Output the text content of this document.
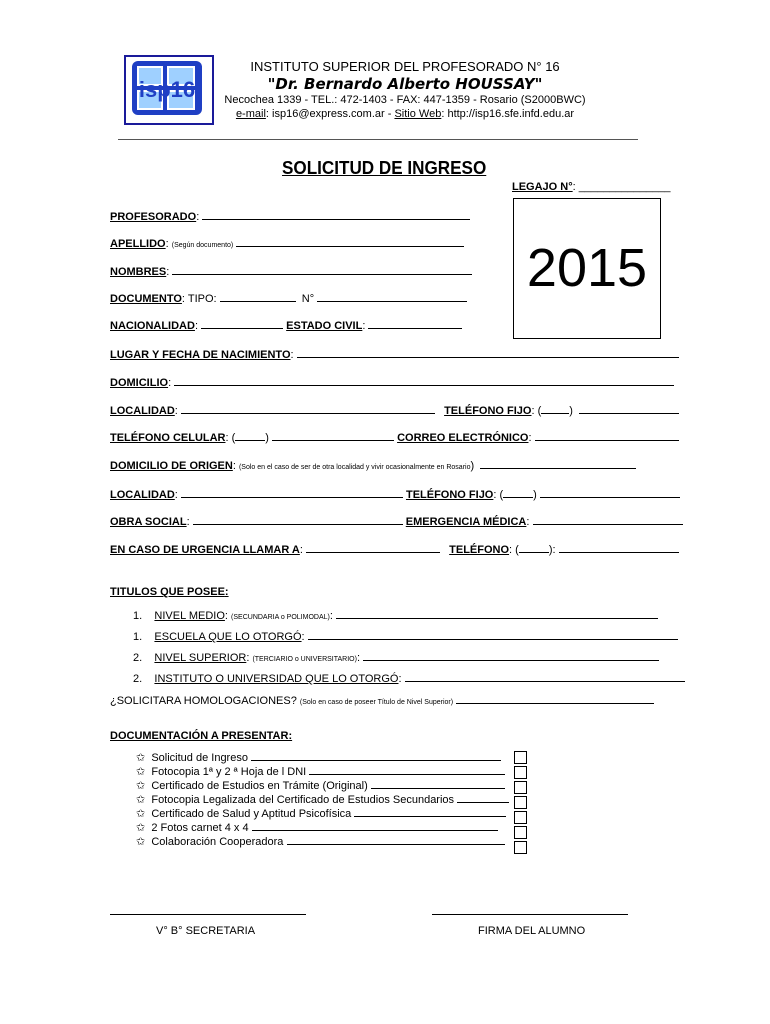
isp16
INSTITUTO SUPERIOR DEL PROFESORADO N° 16
"Dr. Bernardo Alberto HOUSSAY"
Necochea 1339 - TEL.: 472-1403 - FAX: 447-1359 - Rosario (S2000BWC)
e-mail: isp16@express.com.ar - Sitio Web: http://isp16.sfe.infd.edu.ar
SOLICITUD DE INGRESO
LEGAJO N°: _______________
2015
PROFESORADO:
APELLIDO: (Según documento)
NOMBRES:
DOCUMENTO: TIPO:	N°
NACIONALIDAD:	ESTADO CIVIL:
LUGAR Y FECHA DE NACIMIENTO:
DOMICILIO:
LOCALIDAD:	TELÉFONO FIJO: (	)
TELÉFONO CELULAR: (	)	CORREO ELECTRÓNICO:
DOMICILIO DE ORIGEN: (Solo en el caso de ser de otra localidad y vivir ocasionalmente en Rosario)
LOCALIDAD:	TELÉFONO FIJO: (	)
OBRA SOCIAL:	EMERGENCIA MÉDICA:
EN CASO DE URGENCIA LLAMAR A:	TELÉFONO: (	):
TITULOS QUE POSEE:
1. NIVEL MEDIO: (SECUNDARIA o POLIMODAL):
1. ESCUELA QUE LO OTORGÓ:
2. NIVEL SUPERIOR: (TERCIARIO o UNIVERSITARIO):
2. INSTITUTO O UNIVERSIDAD QUE LO OTORGÓ:
¿SOLICITARA HOMOLOGACIONES? (Solo en caso de poseer Título de Nivel Superior)
DOCUMENTACIÓN A PRESENTAR:
✩ Solicitud de Ingreso
✩ Fotocopia 1ª y 2 ª Hoja de l DNI
✩ Certificado de Estudios en Trámite (Original)
✩ Fotocopia Legalizada del Certificado de Estudios Secundarios
✩ Certificado de Salud y Aptitud Psicofísica
✩ 2 Fotos carnet 4 x 4
✩ Colaboración Cooperadora
V° B° SECRETARIA	FIRMA DEL ALUMNO
